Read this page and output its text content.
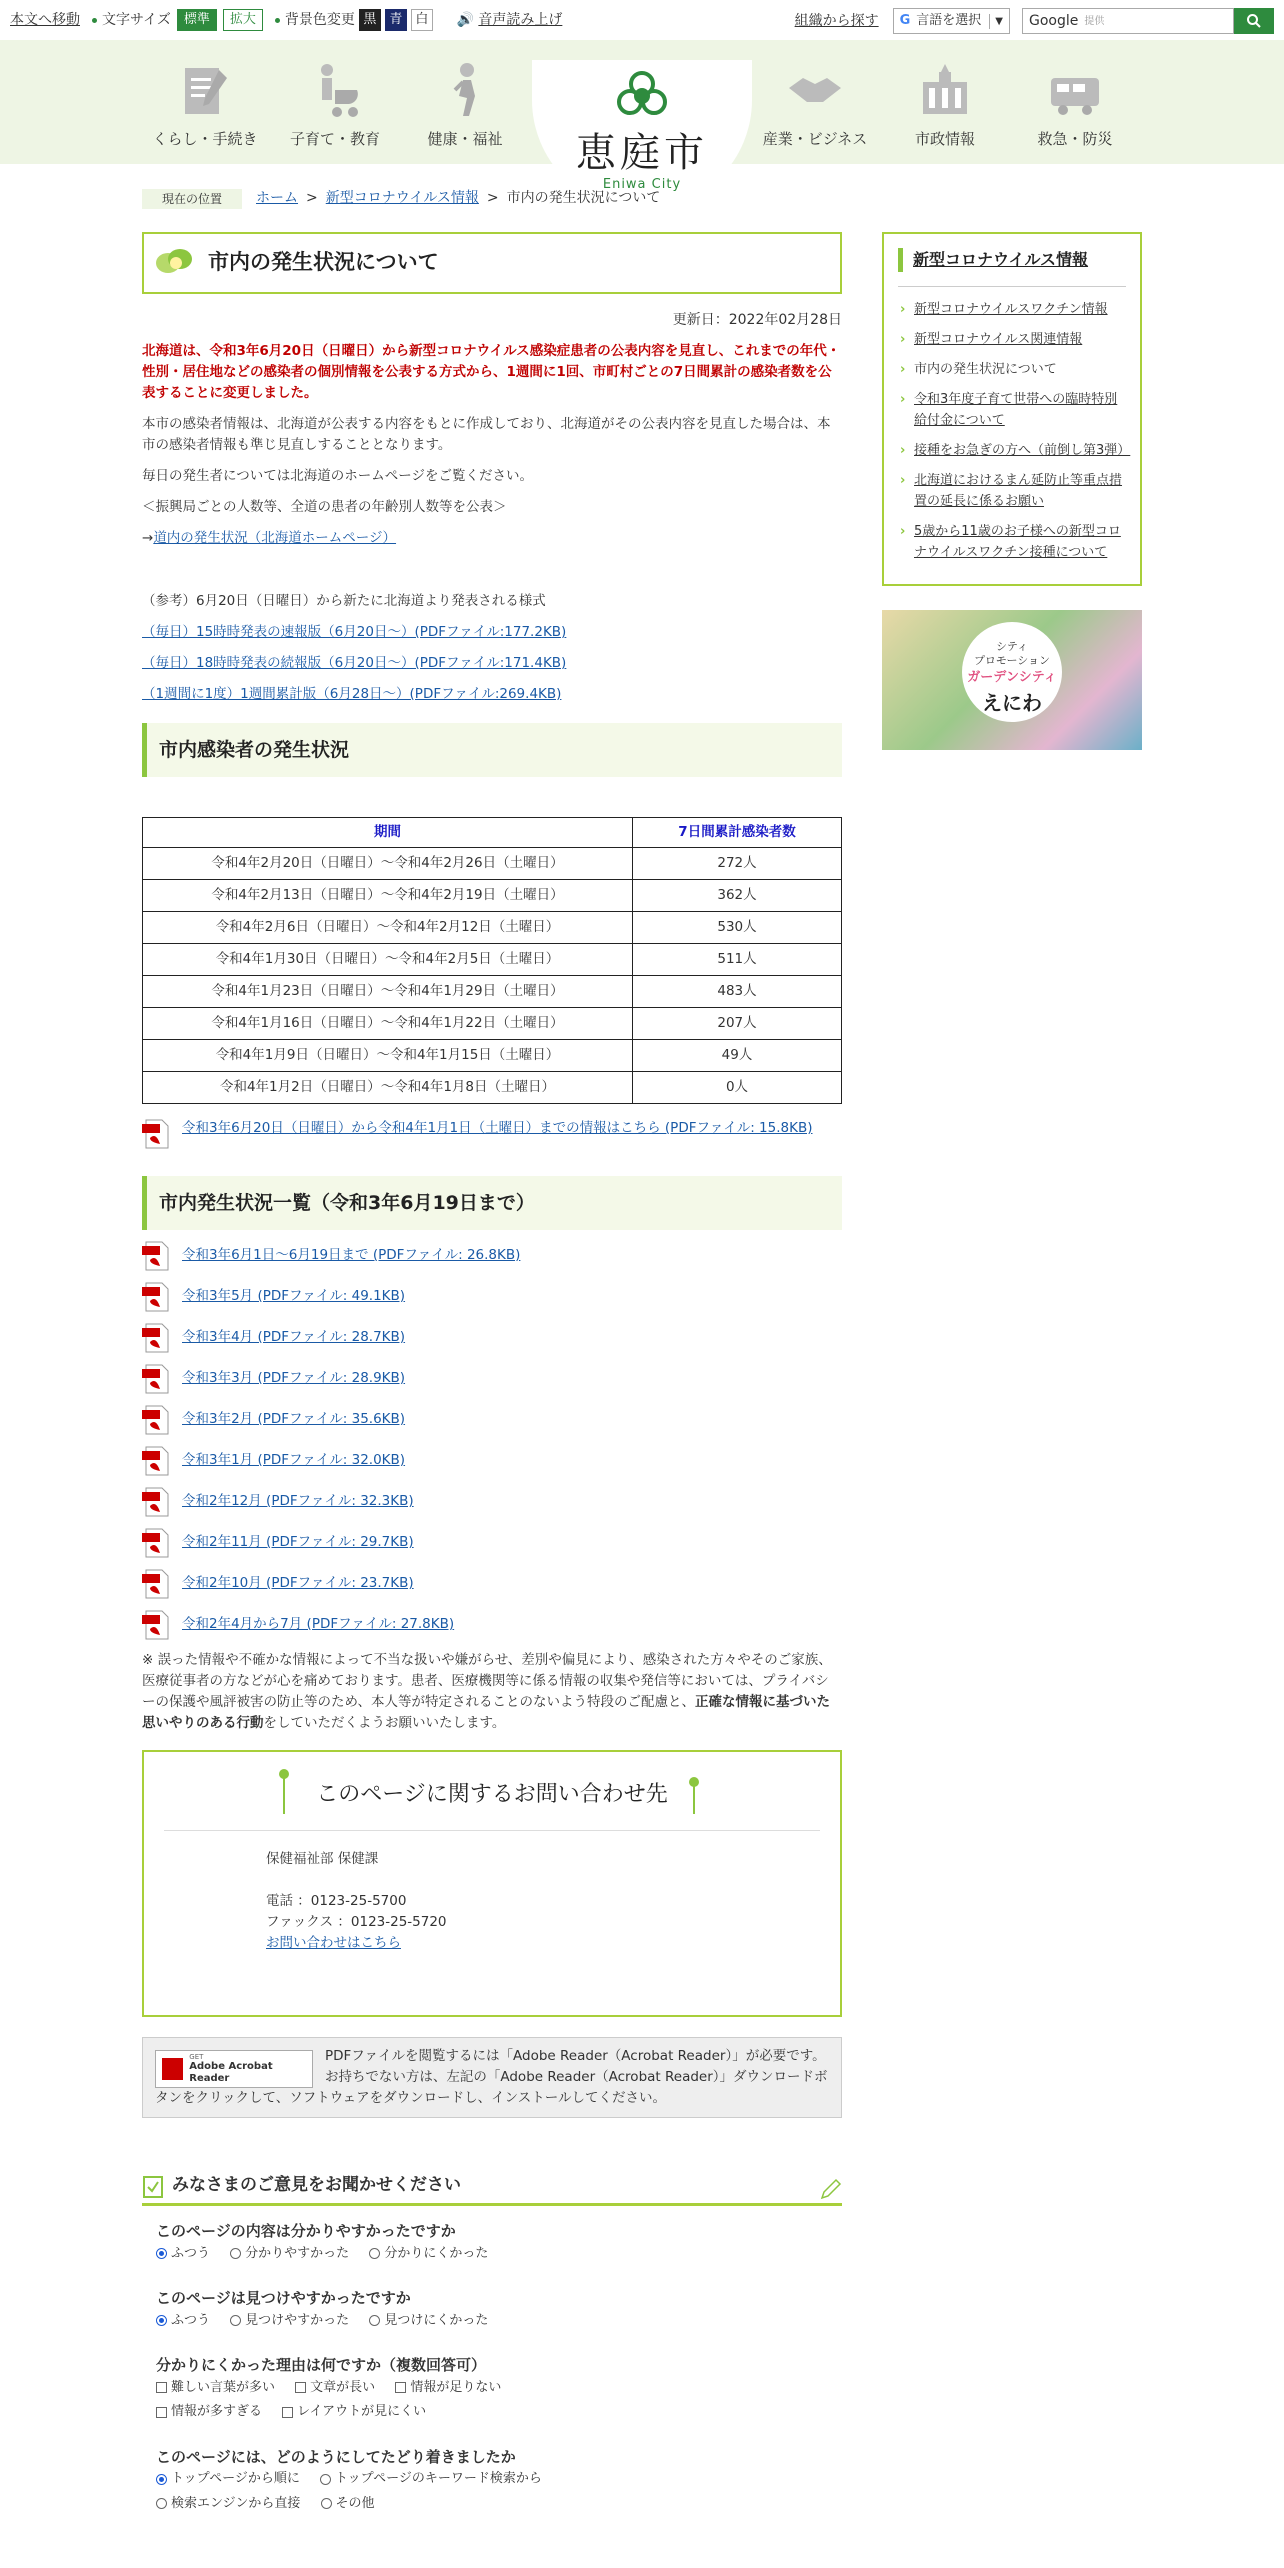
本文へ移動 文字サイズ	標準	拡大	背景色変更 黒 青 白	🔊 音声読み上げ	組織から探す G 言語を選択	▼ Google 提供
くらし・手続き	子育て・教育	健康・福祉	恵庭市
Eniwa City
産業・ビジネス	市政情報	救急・防災
現在の位置	ホーム > 新型コロナウイルス情報 > 市内の発生状況について
市内の発生状況について
更新日：2022年02月28日
北海道は、令和3年6月20日（日曜日）から新型コロナウイルス感染症患者の公表内容を見直し、これまでの年代・性別・居住地などの感染者の個別情報を公表する方式から、1週間に1回、市町村ごとの7日間累計の感染者数を公表することに変更しました。
本市の感染者情報は、北海道が公表する内容をもとに作成しており、北海道がその公表内容を見直した場合は、本市の感染者情報も準じ見直しすることとなります。
毎日の発生者については北海道のホームページをご覧ください。
＜振興局ごとの人数等、全道の患者の年齢別人数等を公表＞
→道内の発生状況（北海道ホームページ）
（参考）6月20日（日曜日）から新たに北海道より発表される様式
（毎日）15時時発表の速報版（6月20日～）(PDFファイル:177.2KB)
（毎日）18時時発表の続報版（6月20日～）(PDFファイル:171.4KB)
（1週間に1度）1週間累計版（6月28日～）(PDFファイル:269.4KB)
市内感染者の発生状況
期間	7日間累計感染者数
令和4年2月20日（日曜日）～令和4年2月26日（土曜日）	272人
令和4年2月13日（日曜日）～令和4年2月19日（土曜日）	362人
令和4年2月6日（日曜日）～令和4年2月12日（土曜日）	530人
令和4年1月30日（日曜日）～令和4年2月5日（土曜日）	511人
令和4年1月23日（日曜日）～令和4年1月29日（土曜日）	483人
令和4年1月16日（日曜日）～令和4年1月22日（土曜日）	207人
令和4年1月9日（日曜日）～令和4年1月15日（土曜日）	49人
令和4年1月2日（日曜日）～令和4年1月8日（土曜日）	0人
令和3年6月20日（日曜日）から令和4年1月1日（土曜日）までの情報はこちら (PDFファイル: 15.8KB)
市内発生状況一覧（令和3年6月19日まで）
令和3年6月1日～6月19日まで (PDFファイル: 26.8KB)
令和3年5月 (PDFファイル: 49.1KB)
令和3年4月 (PDFファイル: 28.7KB)
令和3年3月 (PDFファイル: 28.9KB)
令和3年2月 (PDFファイル: 35.6KB)
令和3年1月 (PDFファイル: 32.0KB)
令和2年12月 (PDFファイル: 32.3KB)
令和2年11月 (PDFファイル: 29.7KB)
令和2年10月 (PDFファイル: 23.7KB)
令和2年4月から7月 (PDFファイル: 27.8KB)
※ 誤った情報や不確かな情報によって不当な扱いや嫌がらせ、差別や偏見により、感染された方々やそのご家族、医療従事者の方などが心を痛めております。患者、医療機関等に係る情報の収集や発信等においては、プライバシーの保護や風評被害の防止等のため、本人等が特定されることのないよう特段のご配慮と、正確な情報に基づいた思いやりのある行動をしていただくようお願いいたします。
このページに関するお問い合わせ先
保健福祉部 保健課
電話 ：0123-25-5700
ファックス ：0123-25-5720
お問い合わせはこちら
GET
Adobe Acrobat Reader
PDFファイルを閲覧するには「Adobe Reader（Acrobat Reader）」が必要です。お持ちでない方は、左記の「Adobe Reader（Acrobat Reader）」ダウンロードボタンをクリックして、ソフトウェアをダウンロードし、インストールしてください。
みなさまのご意見をお聞かせください
このページの内容は分かりやすかったですか
ふつう
	分かりやすかった
	分かりにくかった
このページは見つけやすかったですか
ふつう
	見つけやすかった
	見つけにくかった
分かりにくかった理由は何ですか（複数回答可）
難しい言葉が多い
	文章が長い
	情報が足りない

情報が多すぎる
	レイアウトが見にくい
このページには、どのようにしてたどり着きましたか
トップページから順に
	トップページのキーワード検索から

検索エンジンから直接
	その他
新型コロナウイルス情報
› 新型コロナウイルスワクチン情報
› 新型コロナウイルス関連情報
› 市内の発生状況について
› 令和3年度子育て世帯への臨時特別給付金について
› 接種をお急ぎの方へ（前倒し第3弾）
› 北海道におけるまん延防止等重点措置の延長に係るお願い
› 5歳から11歳のお子様への新型コロナウイルスワクチン接種について
シティ
プロモーション
ガーデンシティ
えにわ
